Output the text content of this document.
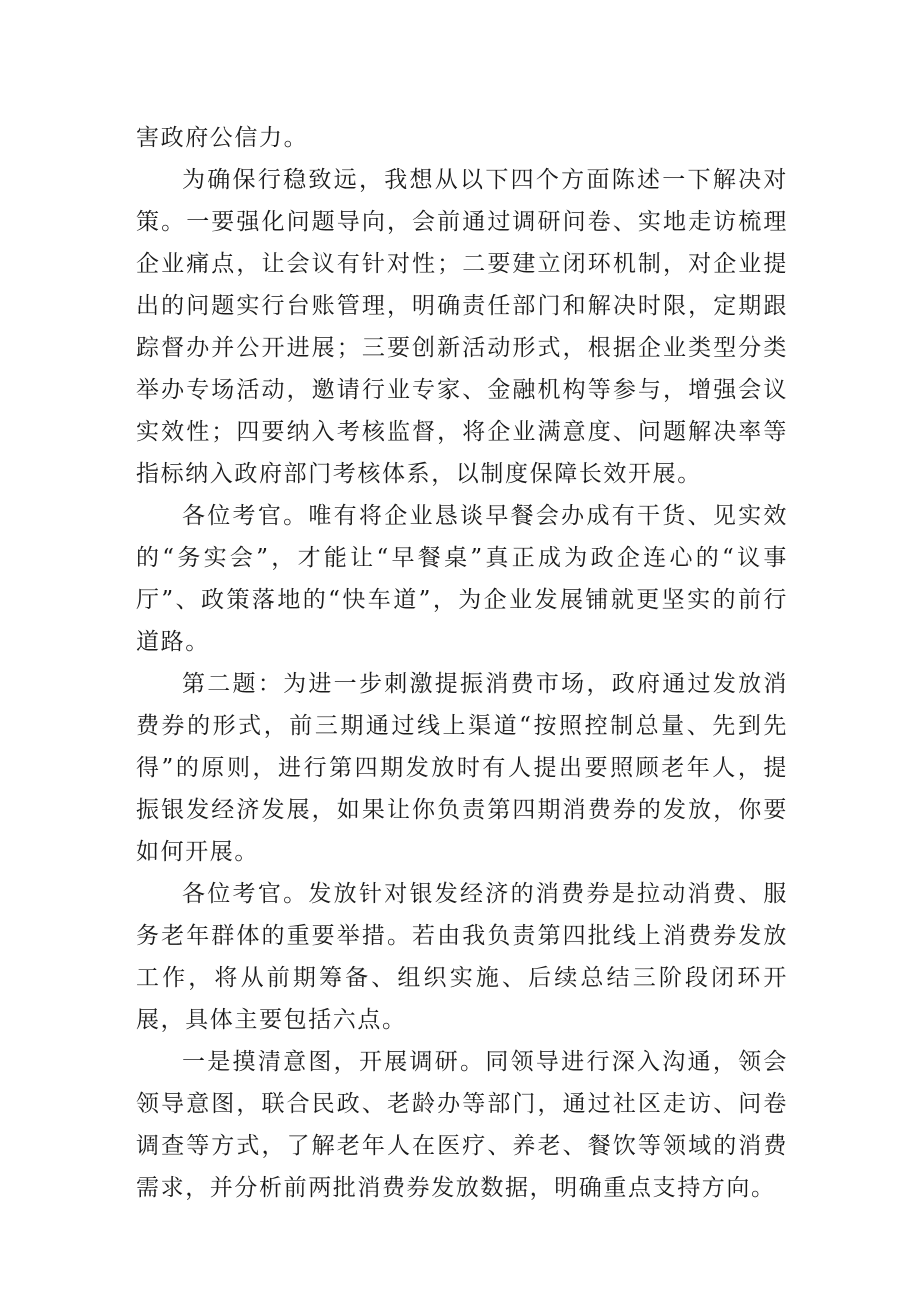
害政府公信力。

为确保行稳致远，我想从以下四个方面陈述一下解决对策。一要强化问题导向，会前通过调研问卷、实地走访梳理企业痛点，让会议有针对性；二要建立闭环机制，对企业提出的问题实行台账管理，明确责任部门和解决时限，定期跟踪督办并公开进展；三要创新活动形式，根据企业类型分类举办专场活动，邀请行业专家、金融机构等参与，增强会议实效性；四要纳入考核监督，将企业满意度、问题解决率等指标纳入政府部门考核体系，以制度保障长效开展。

各位考官。唯有将企业恳谈早餐会办成有干货、见实效的“务实会”，才能让“早餐桌”真正成为政企连心的“议事厅”、政策落地的“快车道”，为企业发展铺就更坚实的前行道路。

第二题：为进一步刺激提振消费市场，政府通过发放消费券的形式，前三期通过线上渠道“按照控制总量、先到先得”的原则，进行第四期发放时有人提出要照顾老年人，提振银发经济发展，如果让你负责第四期消费券的发放，你要如何开展。

各位考官。发放针对银发经济的消费券是拉动消费、服务老年群体的重要举措。若由我负责第四批线上消费券发放工作，将从前期筹备、组织实施、后续总结三阶段闭环开展，具体主要包括六点。

一是摸清意图，开展调研。同领导进行深入沟通，领会领导意图，联合民政、老龄办等部门，通过社区走访、问卷调查等方式，了解老年人在医疗、养老、餐饮等领域的消费需求，并分析前两批消费券发放数据，明确重点支持方向。
